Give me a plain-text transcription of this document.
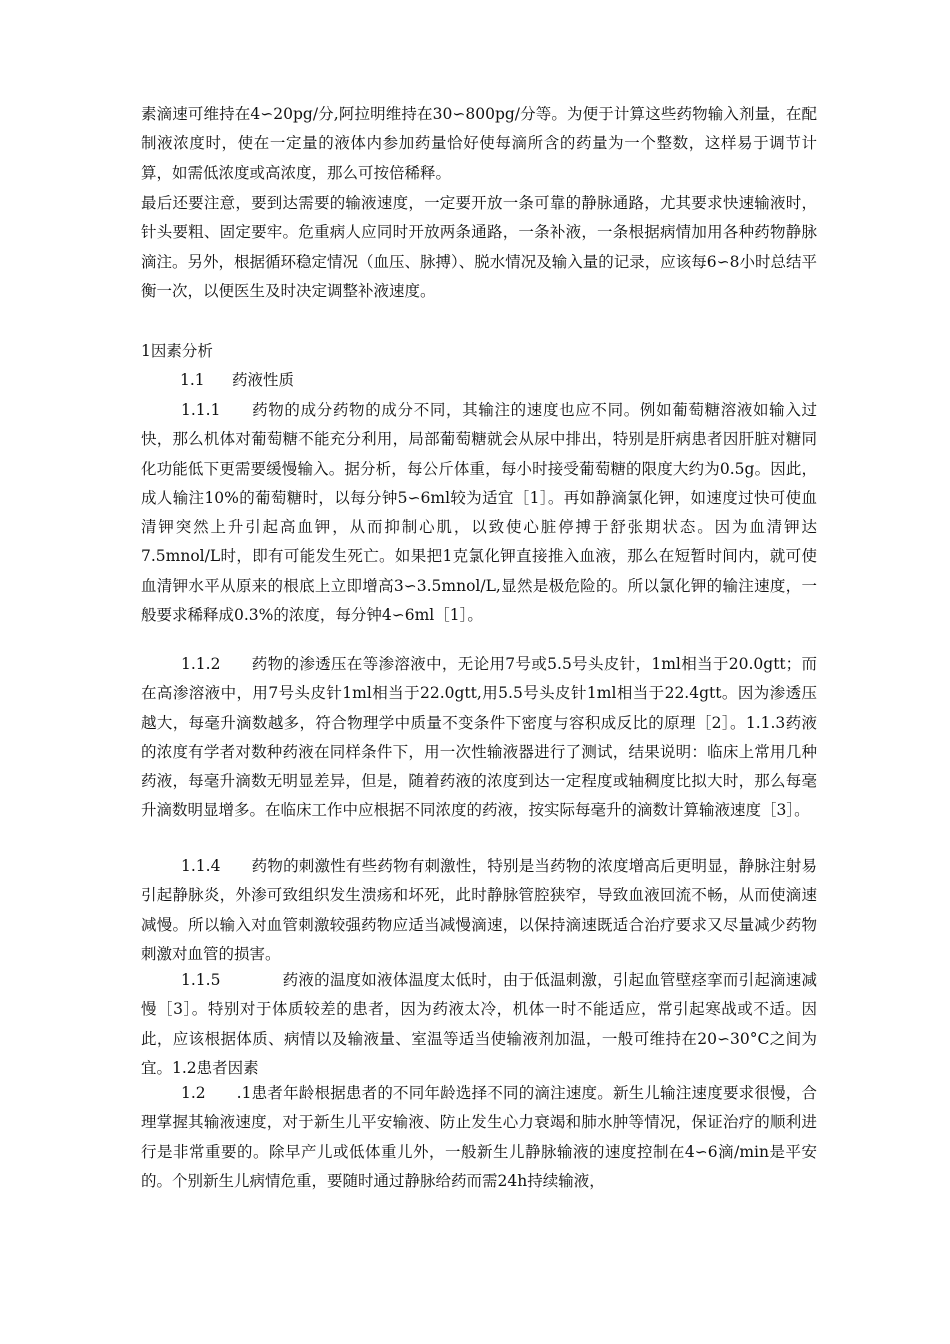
素滴速可维持在4∽20pg/分,阿拉明维持在30∽800pg/分等。为便于计算这些药物输入剂量，在配制液浓度时，使在一定量的液体内参加药量恰好使每滴所含的药量为一个整数，这样易于调节计算，如需低浓度或高浓度，那么可按倍稀释。

最后还要注意，要到达需要的输液速度，一定要开放一条可靠的静脉通路，尤其要求快速输液时，针头要粗、固定要牢。危重病人应同时开放两条通路，一条补液，一条根据病情加用各种药物静脉滴注。另外，根据循环稳定情况（血压、脉搏）、脱水情况及输入量的记录，应该每6∽8小时总结平衡一次，以便医生及时决定调整补液速度。

1因素分析

1.1 药液性质

1.1.1   药物的成分药物的成分不同，其输注的速度也应不同。例如葡萄糖溶液如输入过快，那么机体对葡萄糖不能充分利用，局部葡萄糖就会从尿中排出，特别是肝病患者因肝脏对糖同化功能低下更需要缓慢输入。据分析，每公斤体重，每小时接受葡萄糖的限度大约为0.5g。因此，成人输注10%的葡萄糖时，以每分钟5∽6ml较为适宜［1］。再如静滴氯化钾，如速度过快可使血清钾突然上升引起高血钾，从而抑制心肌，以致使心脏停搏于舒张期状态。因为血清钾达7.5mnol/L时，即有可能发生死亡。如果把1克氯化钾直接推入血液，那么在短暂时间内，就可使血清钾水平从原来的根底上立即增高3∽3.5mnol/L,显然是极危险的。所以氯化钾的输注速度，一般要求稀释成0.3%的浓度，每分钟4∽6ml［1］。

1.1.2   药物的渗透压在等渗溶液中，无论用7号或5.5号头皮针，1ml相当于20.0gtt；而在高渗溶液中，用7号头皮针1ml相当于22.0gtt,用5.5号头皮针1ml相当于22.4gtt。因为渗透压越大，每毫升滴数越多，符合物理学中质量不变条件下密度与容积成反比的原理［2］。1.1.3药液的浓度有学者对数种药液在同样条件下，用一次性输液器进行了测试，结果说明：临床上常用几种药液，每毫升滴数无明显差异，但是，随着药液的浓度到达一定程度或轴稠度比拟大时，那么每毫升滴数明显增多。在临床工作中应根据不同浓度的药液，按实际每毫升的滴数计算输液速度［3］。

1.1.4   药物的刺激性有些药物有刺激性，特别是当药物的浓度增高后更明显，静脉注射易引起静脉炎，外渗可致组织发生溃疡和坏死，此时静脉管腔狭窄，导致血液回流不畅，从而使滴速减慢。所以输入对血管刺激较强药物应适当减慢滴速，以保持滴速既适合治疗要求又尽量减少药物刺激对血管的损害。

1.1.5    	药液的温度如液体温度太低时，由于低温刺激，引起血管壁痉挛而引起滴速减慢［3］。特别对于体质较差的患者，因为药液太冷，机体一时不能适应，常引起寒战或不适。因此，应该根据体质、病情以及输液量、室温等适当使输液剂加温，一般可维持在20∽30°C之间为宜。1.2患者因素

1.2   .1患者年龄根据患者的不同年龄选择不同的滴注速度。新生儿输注速度要求很慢，合理掌握其输液速度，对于新生儿平安输液、防止发生心力衰竭和肺水肿等情况，保证治疗的顺利进行是非常重要的。除早产儿或低体重儿外，一般新生儿静脉输液的速度控制在4∽6滴/min是平安的。个别新生儿病情危重，要随时通过静脉给药而需24h持续输液，
